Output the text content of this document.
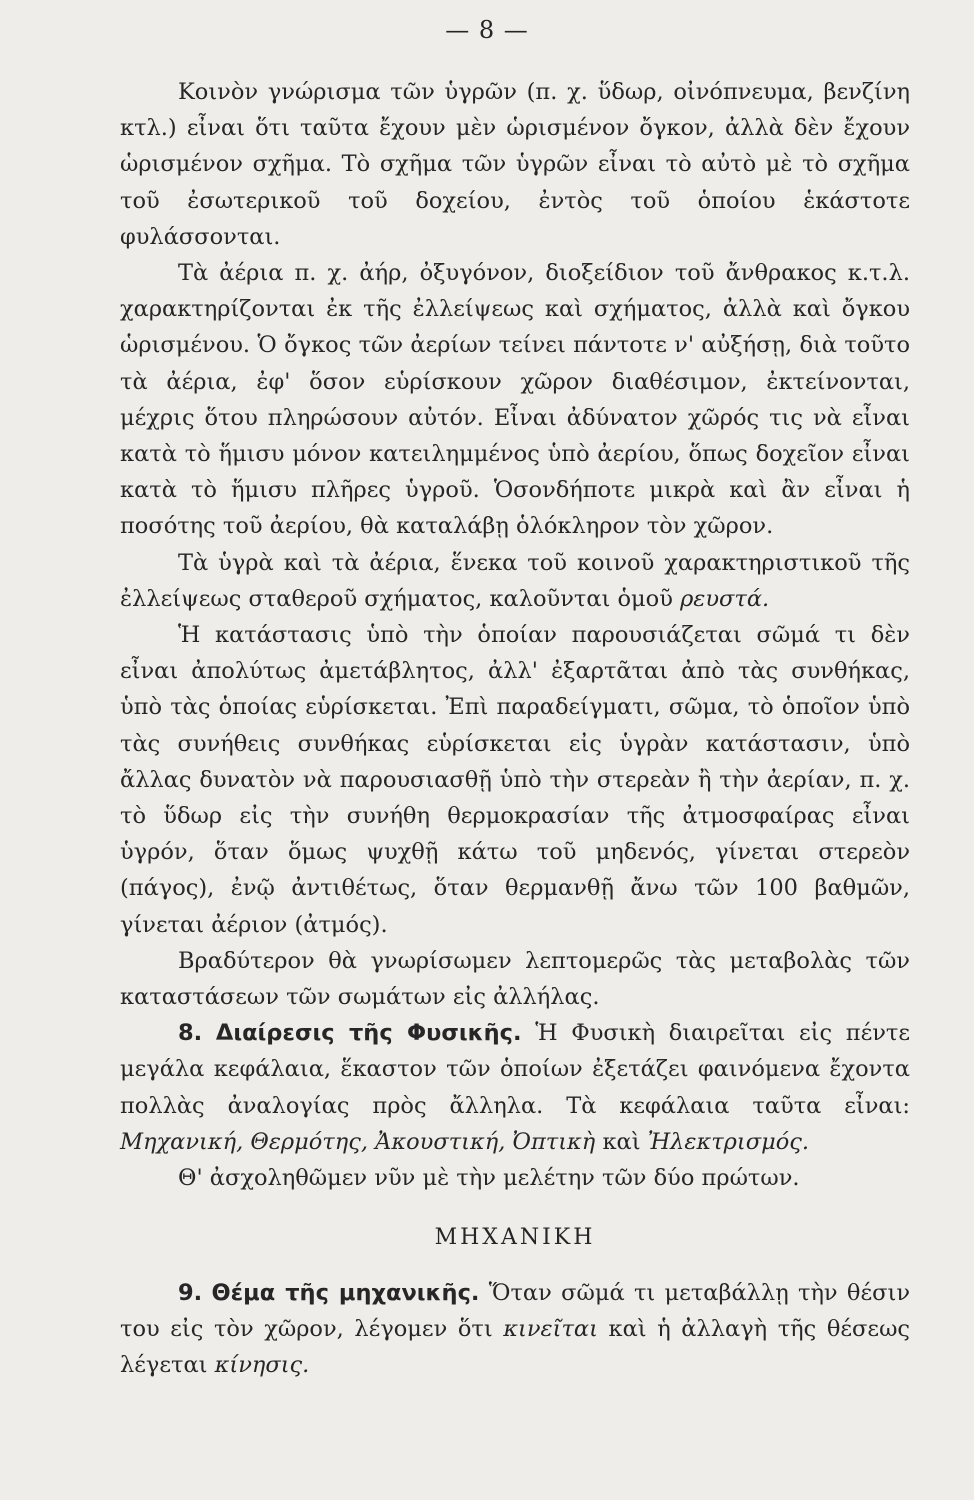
— 8 —

Κοινὸν γνώρισμα τῶν ὑγρῶν (π. χ. ὕδωρ, οἰνόπνευμα, βενζίνη κτλ.) εἶναι ὅτι ταῦτα ἔχουν μὲν ὡρισμένον ὄγκον, ἀλλὰ δὲν ἔχουν ὡρισμένον σχῆμα. Τὸ σχῆμα τῶν ὑγρῶν εἶναι τὸ αὐτὸ μὲ τὸ σχῆμα τοῦ ἐσωτερικοῦ τοῦ δοχείου, ἐντὸς τοῦ ὁποίου ἑκάστοτε φυλάσσονται.

Τὰ ἀέρια π. χ. ἀήρ, ὀξυγόνον, διοξείδιον τοῦ ἄνθρακος κ.τ.λ. χαρακτηρίζονται ἐκ τῆς ἐλλείψεως καὶ σχήματος, ἀλλὰ καὶ ὄγκου ὡρισμένου. Ὁ ὄγκος τῶν ἀερίων τείνει πάντοτε ν' αὐξήσῃ, διὰ τοῦτο τὰ ἀέρια, ἐφ' ὅσον εὑρίσκουν χῶρον διαθέσιμον, ἐκτείνονται, μέχρις ὅτου πληρώσουν αὐτόν. Εἶναι ἀδύνατον χῶρός τις νὰ εἶναι κατὰ τὸ ἥμισυ μόνον κατειλημμένος ὑπὸ ἀερίου, ὅπως δοχεῖον εἶναι κατὰ τὸ ἥμισυ πλῆρες ὑγροῦ. Ὁσονδήποτε μικρὰ καὶ ἂν εἶναι ἡ ποσότης τοῦ ἀερίου, θὰ καταλάβῃ ὁλόκληρον τὸν χῶρον.

Τὰ ὑγρὰ καὶ τὰ ἀέρια, ἕνεκα τοῦ κοινοῦ χαρακτηριστικοῦ τῆς ἐλλείψεως σταθεροῦ σχήματος, καλοῦνται ὁμοῦ ρευστά.

Ἡ κατάστασις ὑπὸ τὴν ὁποίαν παρουσιάζεται σῶμά τι δὲν εἶναι ἀπολύτως ἀμετάβλητος, ἀλλ' ἐξαρτᾶται ἀπὸ τὰς συνθήκας, ὑπὸ τὰς ὁποίας εὑρίσκεται. Ἐπὶ παραδείγματι, σῶμα, τὸ ὁποῖον ὑπὸ τὰς συνήθεις συνθήκας εὑρίσκεται εἰς ὑγρὰν κατάστασιν, ὑπὸ ἄλλας δυνατὸν νὰ παρουσιασθῇ ὑπὸ τὴν στερεὰν ἢ τὴν ἀερίαν, π. χ. τὸ ὕδωρ εἰς τὴν συνήθη θερμοκρασίαν τῆς ἀτμοσφαίρας εἶναι ὑγρόν, ὅταν ὅμως ψυχθῇ κάτω τοῦ μηδενός, γίνεται στερεὸν (πάγος), ἐνῷ ἀντιθέτως, ὅταν θερμανθῇ ἄνω τῶν 100 βαθμῶν, γίνεται ἀέριον (ἀτμός).

Βραδύτερον θὰ γνωρίσωμεν λεπτομερῶς τὰς μεταβολὰς τῶν καταστάσεων τῶν σωμάτων εἰς ἀλλήλας.

8. Διαίρεσις τῆς Φυσικῆς. Ἡ Φυσικὴ διαιρεῖται εἰς πέντε μεγάλα κεφάλαια, ἕκαστον τῶν ὁποίων ἐξετάζει φαινόμενα ἔχοντα πολλὰς ἀναλογίας πρὸς ἄλληλα. Τὰ κεφάλαια ταῦτα εἶναι: Μηχανική, Θερμότης, Ἀκουστική, Ὀπτικὴ καὶ Ἠλεκτρισμός.

Θ' ἀσχοληθῶμεν νῦν μὲ τὴν μελέτην τῶν δύο πρώτων.

ΜΗΧΑΝΙΚΗ

9. Θέμα τῆς μηχανικῆς. Ὅταν σῶμά τι μεταβάλλῃ τὴν θέσιν του εἰς τὸν χῶρον, λέγομεν ὅτι κινεῖται καὶ ἡ ἀλλαγὴ τῆς θέσεως λέγεται κίνησις.
